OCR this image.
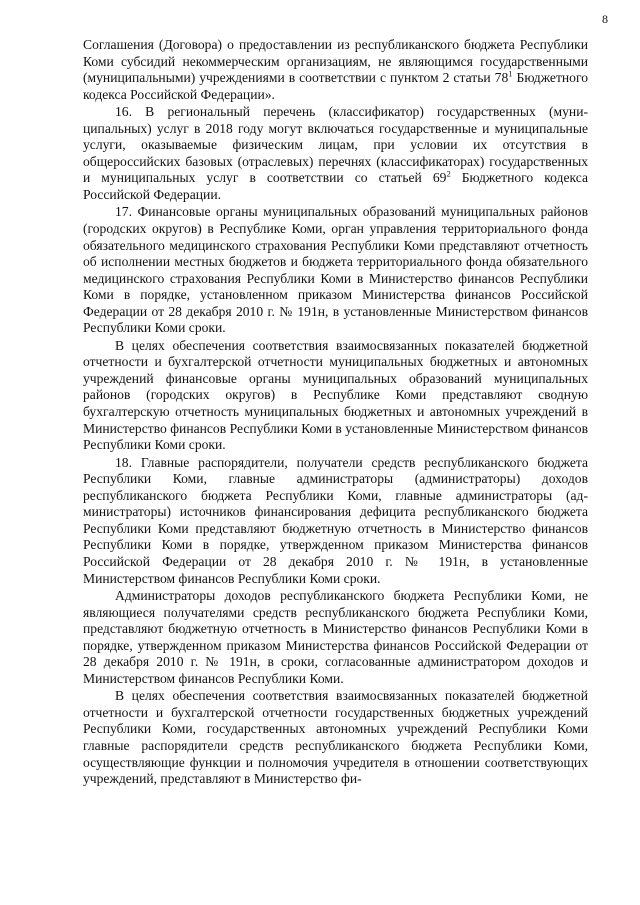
8

Соглашения (Договора) о предоставлении из республиканского бюджета Республики Коми субсидий некоммерческим организациям, не являющимся государственными (муниципальными) учреждениями в соответствии с пунктом 2 статьи $78^1$ Бюджетного кодекса Российской Федерации».

16. В региональный перечень (классификатор) государственных (муниципальных) услуг в 2018 году могут включаться государственные и муниципальные услуги, оказываемые физическим лицам, при условии их отсутствия в общероссийских базовых (отраслевых) перечнях (классификаторах) государственных и муниципальных услуг в соответствии со статьей $69^2$ Бюджетного кодекса Российской Федерации.

17. Финансовые органы муниципальных образований муниципальных районов (городских округов) в Республике Коми, орган управления территориального фонда обязательного медицинского страхования Республики Коми представляют отчетность об исполнении местных бюджетов и бюджета территориального фонда обязательного медицинского страхования Республики Коми в Министерство финансов Республики Коми в порядке, установленном приказом Министерства финансов Российской Федерации от 28 декабря 2010 г. № 191н, в установленные Министерством финансов Республики Коми сроки.

В целях обеспечения соответствия взаимосвязанных показателей бюджетной отчетности и бухгалтерской отчетности муниципальных бюджетных и автономных учреждений финансовые органы муниципальных образований муниципальных районов (городских округов) в Республике Коми представляют сводную бухгалтерскую отчетность муниципальных бюджетных и автономных учреждений в Министерство финансов Республики Коми в установленные Министерством финансов Республики Коми сроки.

18. Главные распорядители, получатели средств республиканского бюджета Республики Коми, главные администраторы (администраторы) доходов республиканского бюджета Республики Коми, главные администраторы (администраторы) источников финансирования дефицита республиканского бюджета Республики Коми представляют бюджетную отчетность в Министерство финансов Республики Коми в порядке, утвержденном приказом Министерства финансов Российской Федерации от 28 декабря 2010 г. № 191н, в установленные Министерством финансов Республики Коми сроки.

Администраторы доходов республиканского бюджета Республики Коми, не являющиеся получателями средств республиканского бюджета Республики Коми, представляют бюджетную отчетность в Министерство финансов Республики Коми в порядке, утвержденном приказом Министерства финансов Российской Федерации от 28 декабря 2010 г. № 191н, в сроки, согласованные администратором доходов и Министерством финансов Республики Коми.

В целях обеспечения соответствия взаимосвязанных показателей бюджетной отчетности и бухгалтерской отчетности государственных бюджетных учреждений Республики Коми, государственных автономных учреждений Республики Коми главные распорядители средств республиканского бюджета Республики Коми, осуществляющие функции и полномочия учредителя в отношении соответствующих учреждений, представляют в Министерство фи-
